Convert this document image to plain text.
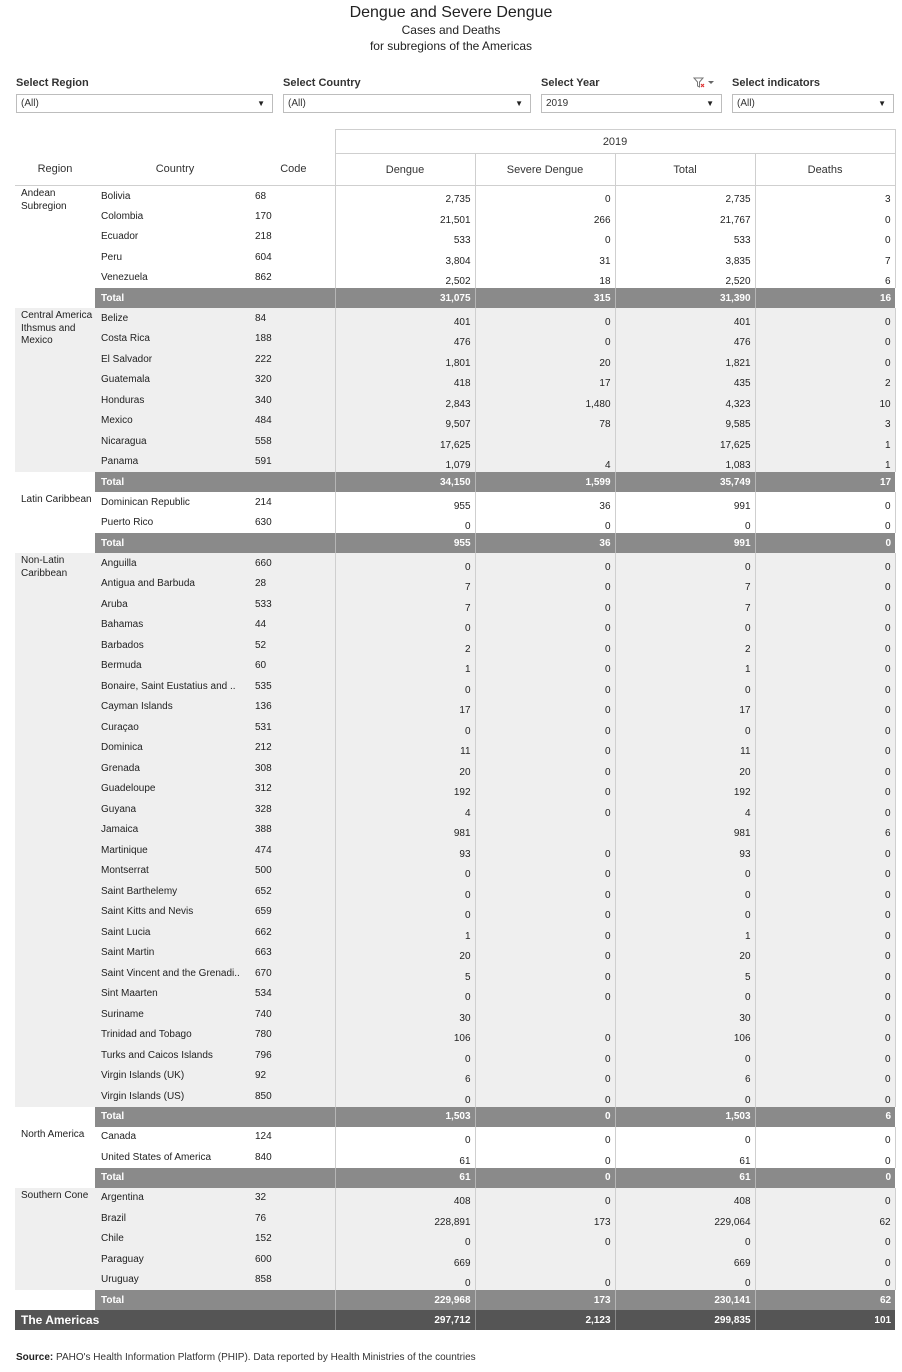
Dengue and Severe Dengue
Cases and Deaths
for subregions of the Americas
Select Region
(All)	▼
Select Country
(All)	▼
Select Year
2019	▼
Select indicators
(All)	▼
			2019			
Region	Country	Code	Dengue	Severe Dengue	Total	Deaths
Andean Subregion	Bolivia	68	2,735	0	2,735	3
	Colombia	170	21,501	266	21,767	0
	Ecuador	218	533	0	533	0
	Peru	604	3,804	31	3,835	7
	Venezuela	862	2,502	18	2,520	6
	Total		31,075	315	31,390	16
Central America Ithsmus and Mexico	Belize	84	401	0	401	0
	Costa Rica	188	476	0	476	0
	El Salvador	222	1,801	20	1,821	0
	Guatemala	320	418	17	435	2
	Honduras	340	2,843	1,480	4,323	10
	Mexico	484	9,507	78	9,585	3
	Nicaragua	558	17,625		17,625	1
	Panama	591	1,079	4	1,083	1
	Total		34,150	1,599	35,749	17
Latin Caribbean	Dominican Republic	214	955	36	991	0
	Puerto Rico	630	0	0	0	0
	Total		955	36	991	0
Non-Latin Caribbean	Anguilla	660	0	0	0	0
	Antigua and Barbuda	28	7	0	7	0
	Aruba	533	7	0	7	0
	Bahamas	44	0	0	0	0
	Barbados	52	2	0	2	0
	Bermuda	60	1	0	1	0
	Bonaire, Saint Eustatius and ..	535	0	0	0	0
	Cayman Islands	136	17	0	17	0
	Curaçao	531	0	0	0	0
	Dominica	212	11	0	11	0
	Grenada	308	20	0	20	0
	Guadeloupe	312	192	0	192	0
	Guyana	328	4	0	4	0
	Jamaica	388	981		981	6
	Martinique	474	93	0	93	0
	Montserrat	500	0	0	0	0
	Saint Barthelemy	652	0	0	0	0
	Saint Kitts and Nevis	659	0	0	0	0
	Saint Lucia	662	1	0	1	0
	Saint Martin	663	20	0	20	0
	Saint Vincent and the Grenadi..	670	5	0	5	0
	Sint Maarten	534	0	0	0	0
	Suriname	740	30		30	0
	Trinidad and Tobago	780	106	0	106	0
	Turks and Caicos Islands	796	0	0	0	0
	Virgin Islands (UK)	92	6	0	6	0
	Virgin Islands (US)	850	0	0	0	0
	Total		1,503	0	1,503	6
North America	Canada	124	0	0	0	0
	United States of America	840	61	0	61	0
	Total		61	0	61	0
Southern Cone	Argentina	32	408	0	408	0
	Brazil	76	228,891	173	229,064	62
	Chile	152	0	0	0	0
	Paraguay	600	669		669	0
	Uruguay	858	0	0	0	0
	Total		229,968	173	230,141	62
The Americas			297,712	2,123	299,835	101
Source: PAHO's Health Information Platform (PHIP). Data reported by Health Ministries of the countries
